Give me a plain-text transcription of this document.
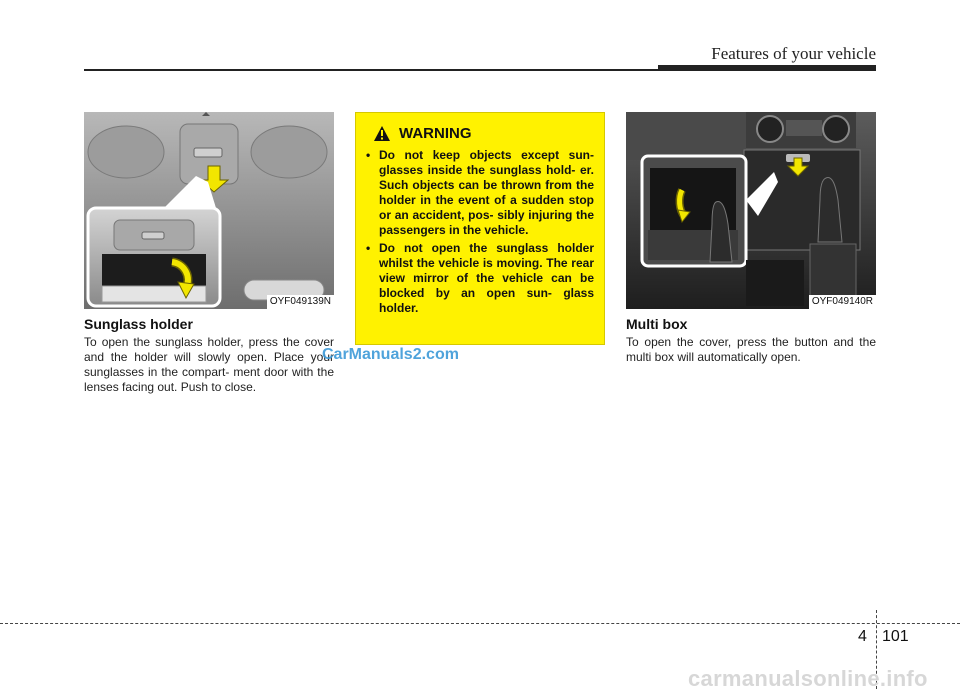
Features of your vehicle
OYF049139N
Sunglass holder
To open the sunglass holder, press the cover and the holder will slowly open. Place your sunglasses in the compart- ment door with the lenses facing out. Push to close.
WARNING
• Do not keep objects except sun- glasses inside the sunglass hold- er. Such objects can be thrown from the holder in the event of a sudden stop or an accident, pos- sibly injuring the passengers in the vehicle.
• Do not open the sunglass holder whilst the vehicle is moving. The rear view mirror of the vehicle can be blocked by an open sun- glass holder.	OYF049140R
Multi box
To open the cover, press the button and the multi box will automatically open.
CarManuals2.com
4 101
carmanualsonline.info
